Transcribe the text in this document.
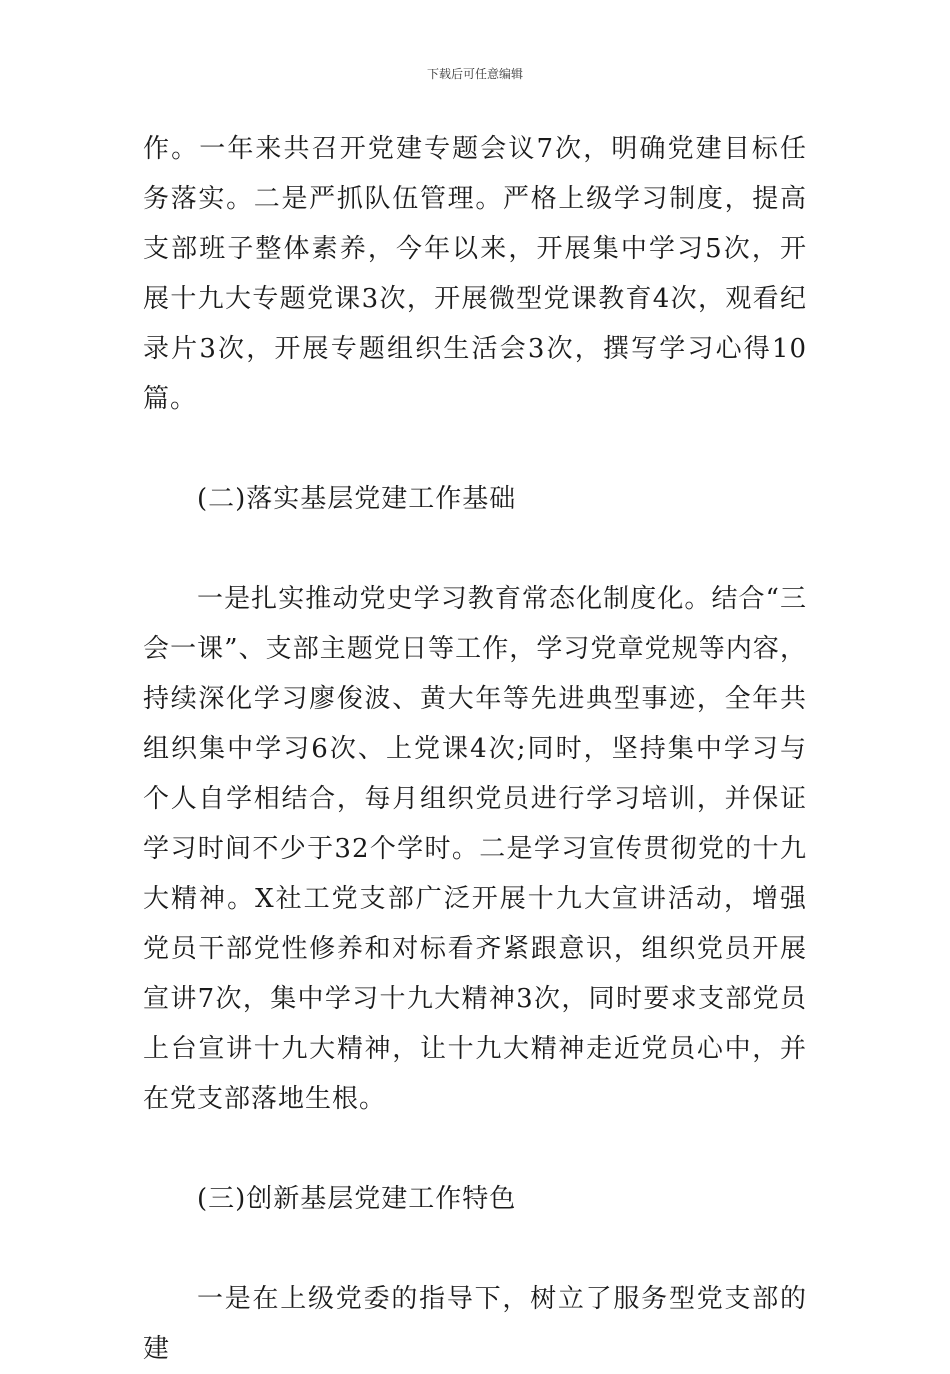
下载后可任意编辑

作。一年来共召开党建专题会议7次，明确党建目标任务落实。二是严抓队伍管理。严格上级学习制度，提高支部班子整体素养，今年以来，开展集中学习5次，开展十九大专题党课3次，开展微型党课教育4次，观看纪录片3次，开展专题组织生活会3次，撰写学习心得10篇。

(二)落实基层党建工作基础

一是扎实推动党史学习教育常态化制度化。结合“三会一课”、支部主题党日等工作，学习党章党规等内容，持续深化学习廖俊波、黄大年等先进典型事迹，全年共组织集中学习6次、上党课4次;同时，坚持集中学习与个人自学相结合，每月组织党员进行学习培训，并保证学习时间不少于32个学时。二是学习宣传贯彻党的十九大精神。X社工党支部广泛开展十九大宣讲活动，增强党员干部党性修养和对标看齐紧跟意识，组织党员开展宣讲7次，集中学习十九大精神3次，同时要求支部党员上台宣讲十九大精神，让十九大精神走近党员心中，并在党支部落地生根。

(三)创新基层党建工作特色

一是在上级党委的指导下，树立了服务型党支部的建
